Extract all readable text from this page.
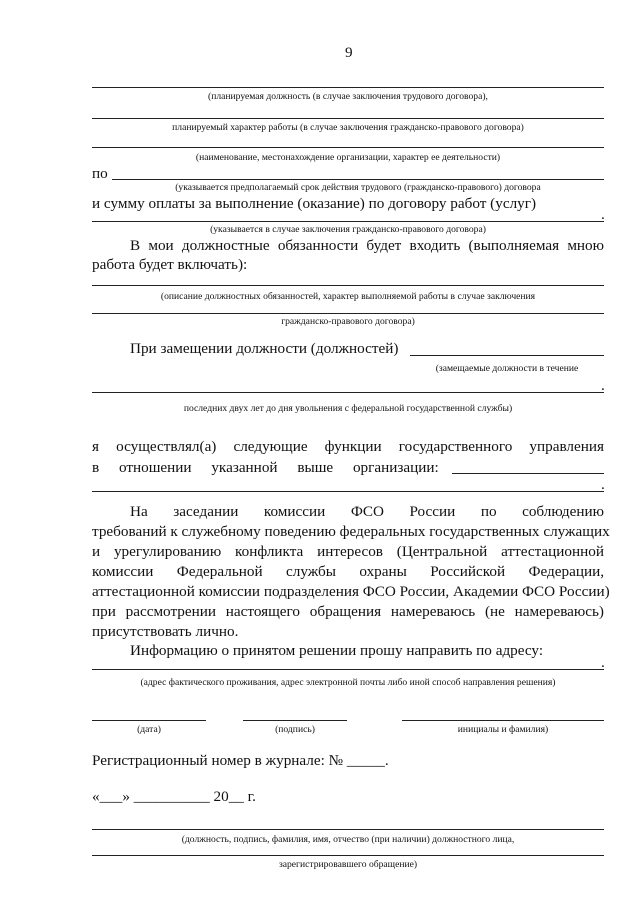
9
(планируемая должность (в случае заключения трудового договора),
планируемый характер работы (в случае заключения гражданско-правового договора)
(наименование, местонахождение организации, характер ее деятельности)
по
(указывается предполагаемый срок действия трудового (гражданско-правового) договора
и сумму оплаты за выполнение (оказание) по договору работ (услуг)
.
(указывается в случае заключения гражданско-правового договора)
В мои должностные обязанности будет входить (выполняемая мною
работа будет включать):
(описание должностных обязанностей, характер выполняемой работы в случае заключения
гражданско-правового договора)
При замещении должности (должностей)
(замещаемые должности в течение
.
последних двух лет до дня увольнения с федеральной государственной службы)
я осуществлял(а) следующие функции государственного управления
в отношении указанной выше организации:
.
На заседании комиссии ФСО России по соблюдению
требований к служебному поведению федеральных государственных служащих
и урегулированию конфликта интересов (Центральной аттестационной
комиссии Федеральной службы охраны Российской Федерации,
аттестационной комиссии подразделения ФСО России, Академии ФСО России)
при рассмотрении настоящего обращения намереваюсь (не намереваюсь)
присутствовать лично.
Информацию о принятом решении прошу направить по адресу:
.
(адрес фактического проживания, адрес электронной почты либо иной способ направления решения)
(дата)	(подпись)	инициалы и фамилия)
Регистрационный номер в журнале: № _____.
«___» __________ 20__ г.
(должность, подпись, фамилия, имя, отчество (при наличии) должностного лица,
зарегистрировавшего обращение)
